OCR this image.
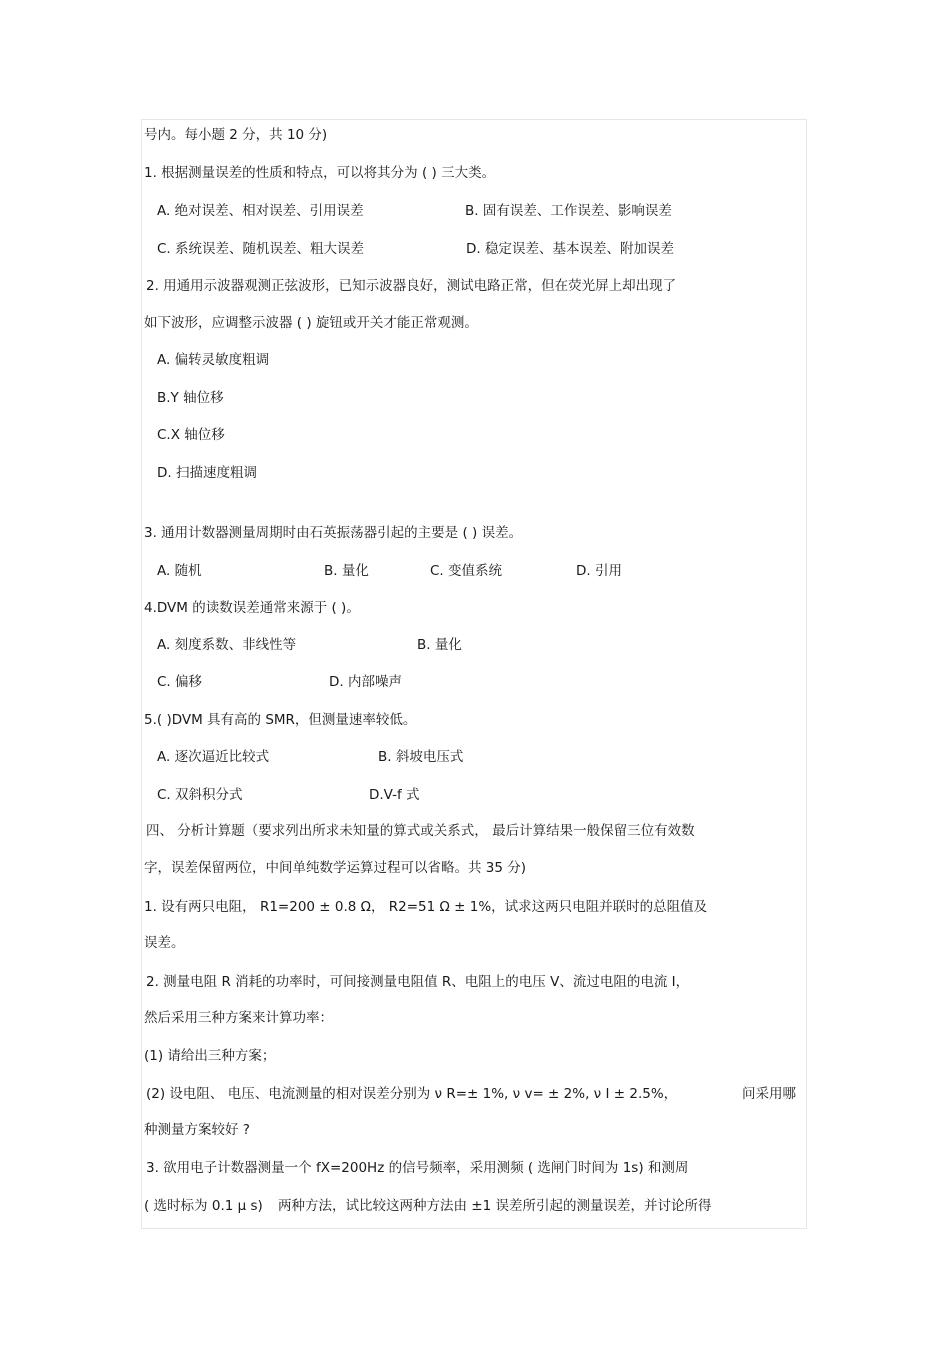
号内。每小题 2 分，共 10 分)
1. 根据测量误差的性质和特点，可以将其分为 ( ) 三大类。
A. 绝对误差、相对误差、引用误差	B. 固有误差、工作误差、影响误差
C. 系统误差、随机误差、粗大误差	D. 稳定误差、基本误差、附加误差
2. 用通用示波器观测正弦波形，已知示波器良好，测试电路正常，但在荧光屏上却出现了
如下波形，应调整示波器 ( ) 旋钮或开关才能正常观测。
A. 偏转灵敏度粗调
B.Y 轴位移
C.X 轴位移
D. 扫描速度粗调
3. 通用计数器测量周期时由石英振荡器引起的主要是 ( ) 误差。
A. 随机	B. 量化	C. 变值系统	D. 引用
4.DVM 的读数误差通常来源于 ( )。
A. 刻度系数、非线性等	B. 量化
C. 偏移	D. 内部噪声
5.( )DVM 具有高的 SMR，但测量速率较低。
A. 逐次逼近比较式	B. 斜坡电压式
C. 双斜积分式	D.V-f 式
四、 分析计算题（要求列出所求未知量的算式或关系式， 最后计算结果一般保留三位有效数
字，误差保留两位，中间单纯数学运算过程可以省略。共 35 分)
1. 设有两只电阻， R1=200 ± 0.8 Ω， R2=51 Ω ± 1%，试求这两只电阻并联时的总阻值及
误差。
2. 测量电阻 R 消耗的功率时，可间接测量电阻值 R、电阻上的电压 V、流过电阻的电流 I，
然后采用三种方案来计算功率：
(1) 请给出三种方案；
(2) 设电阻、 电压、电流测量的相对误差分别为 ν R=± 1%, ν v= ± 2%, ν I ± 2.5%，	问采用哪
种测量方案较好 ?
3. 欲用电子计数器测量一个 fX=200Hz 的信号频率，采用测频 ( 选闸门时间为 1s) 和测周
( 选时标为 0.1 μ s) 两种方法，试比较这两种方法由 ±1 误差所引起的测量误差，并讨论所得
